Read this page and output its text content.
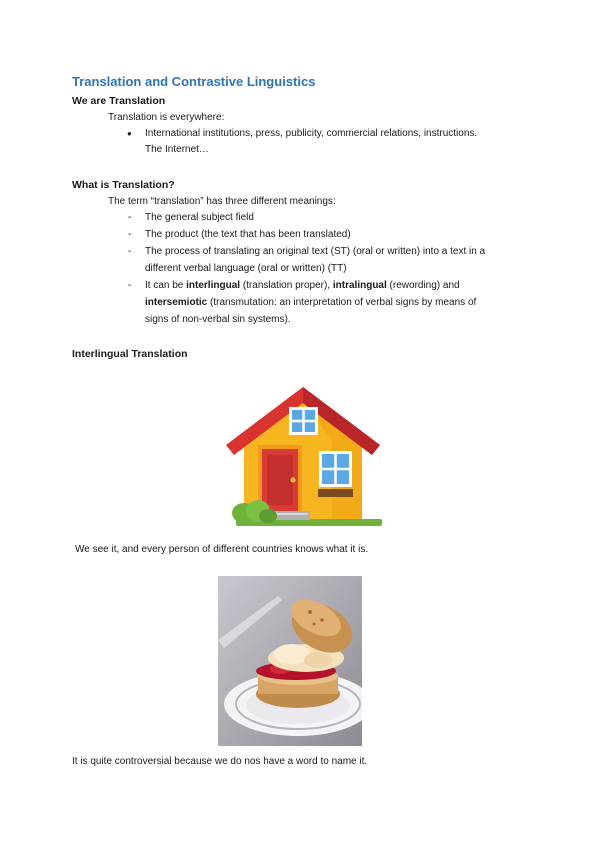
Translation and Contrastive Linguistics
We are Translation
Translation is everywhere:
● International institutions, press, publicity, commercial relations, instructions.
The Internet…
What is Translation?
The term “translation” has three different meanings:
- The general subject field
- The product (the text that has been translated)
- The process of translating an original text (ST) (oral or written) into a text in a
different verbal language (oral or written) (TT)
- It can be interlingual (translation proper), intralingual (rewording) and
intersemiotic (transmutation: an interpretation of verbal signs by means of
signs of non-verbal sin systems).
Interlingual Translation
We see it, and every person of different countries knows what it is.
It is quite controversial because we do nos have a word to name it.
